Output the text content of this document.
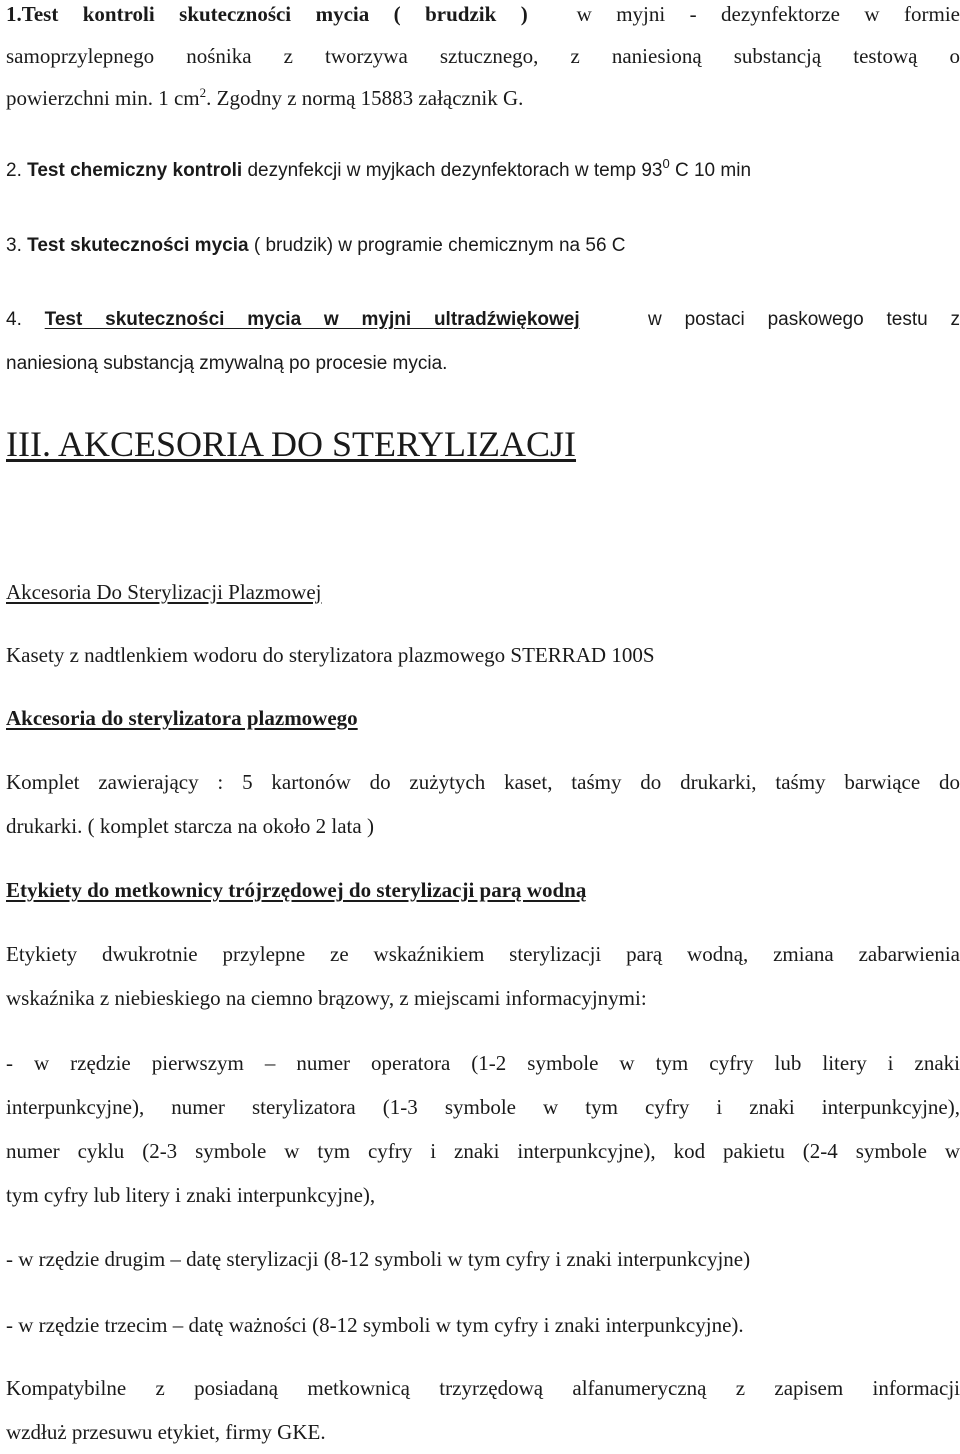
1.Test kontroli skuteczności mycia ( brudzik ) w myjni - dezynfektorze w formie
samoprzylepnego nośnika z tworzywa sztucznego, z naniesioną substancją testową o
powierzchni min. 1 $cm^2$. Zgodny z normą 15883 załącznik G.
2. Test chemiczny kontroli dezynfekcji w myjkach dezynfektorach w temp $93^0$ C 10 min
3. Test skuteczności mycia ( brudzik) w programie chemicznym na 56 C
4. Test skuteczności mycia w myjni ultradźwiękowej	w postaci paskowego testu z
naniesioną substancją zmywalną po procesie mycia.
III. AKCESORIA DO STERYLIZACJI
Akcesoria Do Sterylizacji Plazmowej
Kasety z nadtlenkiem wodoru do sterylizatora plazmowego STERRAD 100S
Akcesoria do sterylizatora plazmowego
Komplet zawierający : 5 kartonów do zużytych kaset, taśmy do drukarki, taśmy barwiące do
drukarki. ( komplet starcza na około 2 lata )
Etykiety do metkownicy trójrzędowej do sterylizacji parą wodną
Etykiety dwukrotnie przylepne ze wskaźnikiem sterylizacji parą wodną, zmiana zabarwienia
wskaźnika z niebieskiego na ciemno brązowy, z miejscami informacyjnymi:
- w rzędzie pierwszym – numer operatora (1-2 symbole w tym cyfry lub litery i znaki
interpunkcyjne), numer sterylizatora (1-3 symbole w tym cyfry i znaki interpunkcyjne),
numer cyklu (2-3 symbole w tym cyfry i znaki interpunkcyjne), kod pakietu (2-4 symbole w
tym cyfry lub litery i znaki interpunkcyjne),
- w rzędzie drugim – datę sterylizacji (8-12 symboli w tym cyfry i znaki interpunkcyjne)
- w rzędzie trzecim – datę ważności (8-12 symboli w tym cyfry i znaki interpunkcyjne).
Kompatybilne z posiadaną metkownicą trzyrzędową alfanumeryczną z zapisem informacji
wzdłuż przesuwu etykiet, firmy GKE.
